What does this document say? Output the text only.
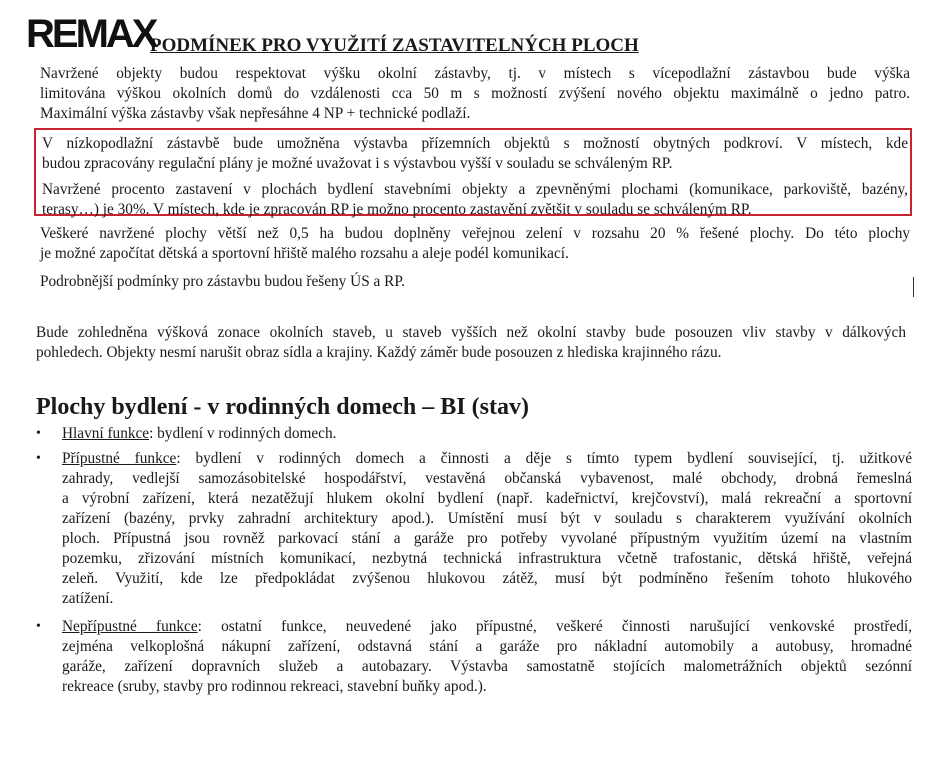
REMAX
PODMÍNEK PRO VYUŽITÍ ZASTAVITELNÝCH PLOCH
Navržené objekty budou respektovat výšku okolní zástavby, tj. v místech s vícepodlažní zástavbou bude výška
limitována výškou okolních domů do vzdálenosti cca 50 m s možností zvýšení nového objektu maximálně o jedno patro.
Maximální výška zástavby však nepřesáhne 4 NP + technické podlaží.
V nízkopodlažní zástavbě bude umožněna výstavba přízemních objektů s možností obytných podkroví. V místech, kde
budou zpracovány regulační plány je možné uvažovat i s výstavbou vyšší v souladu se schváleným RP.
Navržené procento zastavení v plochách bydlení stavebními objekty a zpevněnými plochami (komunikace, parkoviště, bazény,
terasy…) je 30%. V místech, kde je zpracován RP je možno procento zastavění zvětšit v souladu se schváleným RP.
Veškeré navržené plochy větší než 0,5 ha budou doplněny veřejnou zelení v rozsahu 20 % řešené plochy. Do této plochy
je možné započítat dětská a sportovní hřiště malého rozsahu a aleje podél komunikací.
Podrobnější podmínky pro zástavbu budou řešeny ÚS a RP.
Bude zohledněna výšková zonace okolních staveb, u staveb vyšších než okolní stavby bude posouzen vliv stavby v dálkových
pohledech. Objekty nesmí narušit obraz sídla a krajiny. Každý záměr bude posouzen z hlediska krajinného rázu.
Plochy bydlení - v rodinných domech – BI (stav)
• Hlavní funkce: bydlení v rodinných domech.
• Přípustné funkce: bydlení v rodinných domech a činnosti a děje s tímto typem bydlení související, tj. užitkové
zahrady, vedlejší samozásobitelské hospodářství, vestavěná občanská vybavenost, malé obchody, drobná řemeslná
a výrobní zařízení, která nezatěžují hlukem okolní bydlení (např. kadeřnictví, krejčovství), malá rekreační a sportovní
zařízení (bazény, prvky zahradní architektury apod.). Umístění musí být v souladu s charakterem využívání okolních
ploch. Přípustná jsou rovněž parkovací stání a garáže pro potřeby vyvolané přípustným využitím území na vlastním
pozemku, zřizování místních komunikací, nezbytná technická infrastruktura včetně trafostanic, dětská hřiště, veřejná
zeleň. Využití, kde lze předpokládat zvýšenou hlukovou zátěž, musí být podmíněno řešením tohoto hlukového
zatížení.
• Nepřípustné funkce: ostatní funkce, neuvedené jako přípustné, veškeré činnosti narušující venkovské prostředí,
zejména velkoplošná nákupní zařízení, odstavná stání a garáže pro nákladní automobily a autobusy, hromadné
garáže, zařízení dopravních služeb a autobazary. Výstavba samostatně stojících malometrážních objektů sezónní
rekreace (sruby, stavby pro rodinnou rekreaci, stavební buňky apod.).
